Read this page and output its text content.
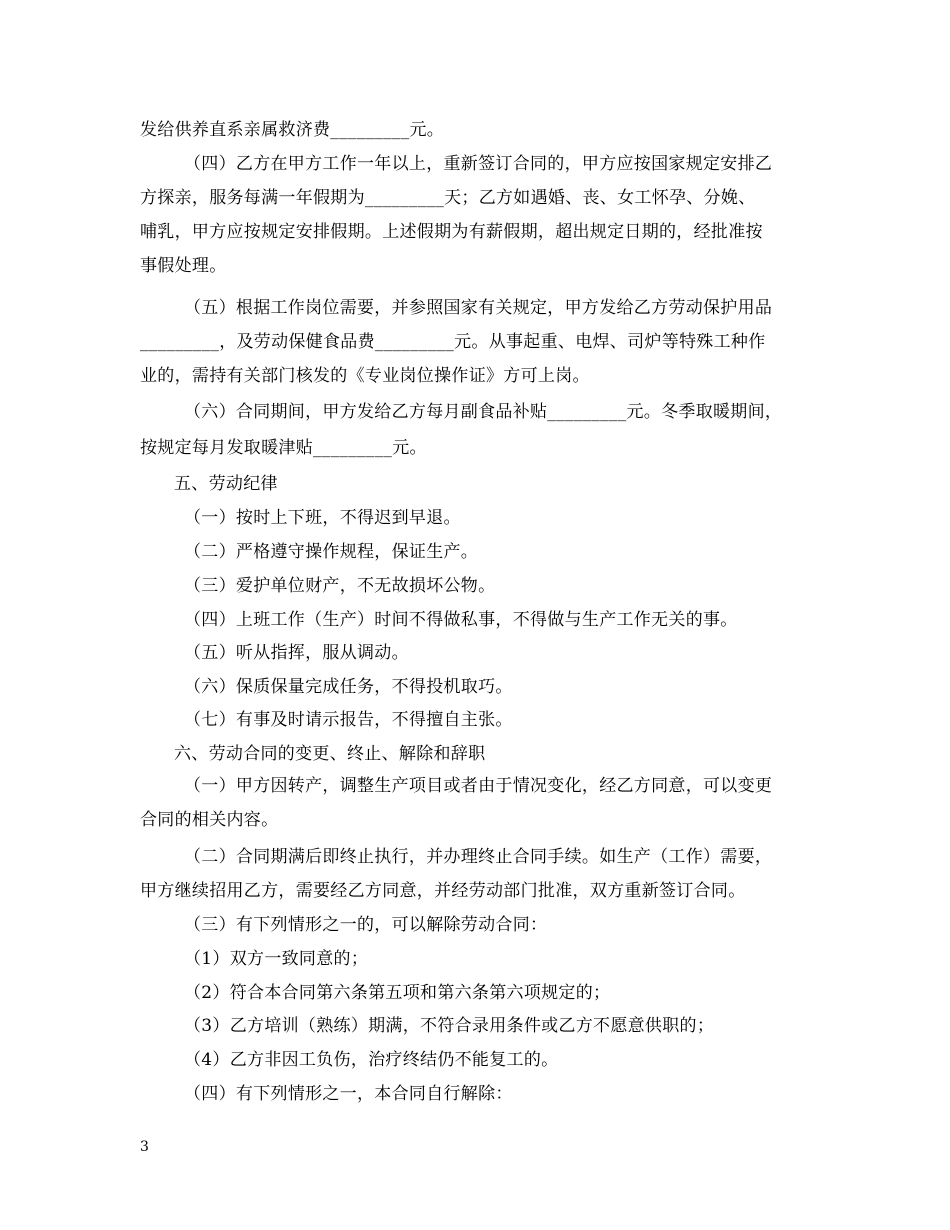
发给供养直系亲属救济费_________元。
（四）乙方在甲方工作一年以上，重新签订合同的，甲方应按国家规定安排乙
方探亲，服务每满一年假期为_________天；乙方如遇婚、丧、女工怀孕、分娩、
哺乳，甲方应按规定安排假期。上述假期为有薪假期，超出规定日期的，经批准按
事假处理。
（五）根据工作岗位需要，并参照国家有关规定，甲方发给乙方劳动保护用品
_________，及劳动保健食品费_________元。从事起重、电焊、司炉等特殊工种作
业的，需持有关部门核发的《专业岗位操作证》方可上岗。
（六）合同期间，甲方发给乙方每月副食品补贴_________元。冬季取暖期间，
按规定每月发取暖津贴_________元。
五、劳动纪律
（一）按时上下班，不得迟到早退。
（二）严格遵守操作规程，保证生产。
（三）爱护单位财产，不无故损坏公物。
（四）上班工作（生产）时间不得做私事，不得做与生产工作无关的事。
（五）听从指挥，服从调动。
（六）保质保量完成任务，不得投机取巧。
（七）有事及时请示报告，不得擅自主张。
六、劳动合同的变更、终止、解除和辞职
（一）甲方因转产，调整生产项目或者由于情况变化，经乙方同意，可以变更
合同的相关内容。
（二）合同期满后即终止执行，并办理终止合同手续。如生产（工作）需要，
甲方继续招用乙方，需要经乙方同意，并经劳动部门批准，双方重新签订合同。
（三）有下列情形之一的，可以解除劳动合同：
（1）双方一致同意的；
（2）符合本合同第六条第五项和第六条第六项规定的；
（3）乙方培训（熟练）期满，不符合录用条件或乙方不愿意供职的；
（4）乙方非因工负伤，治疗终结仍不能复工的。
（四）有下列情形之一，本合同自行解除：
3
